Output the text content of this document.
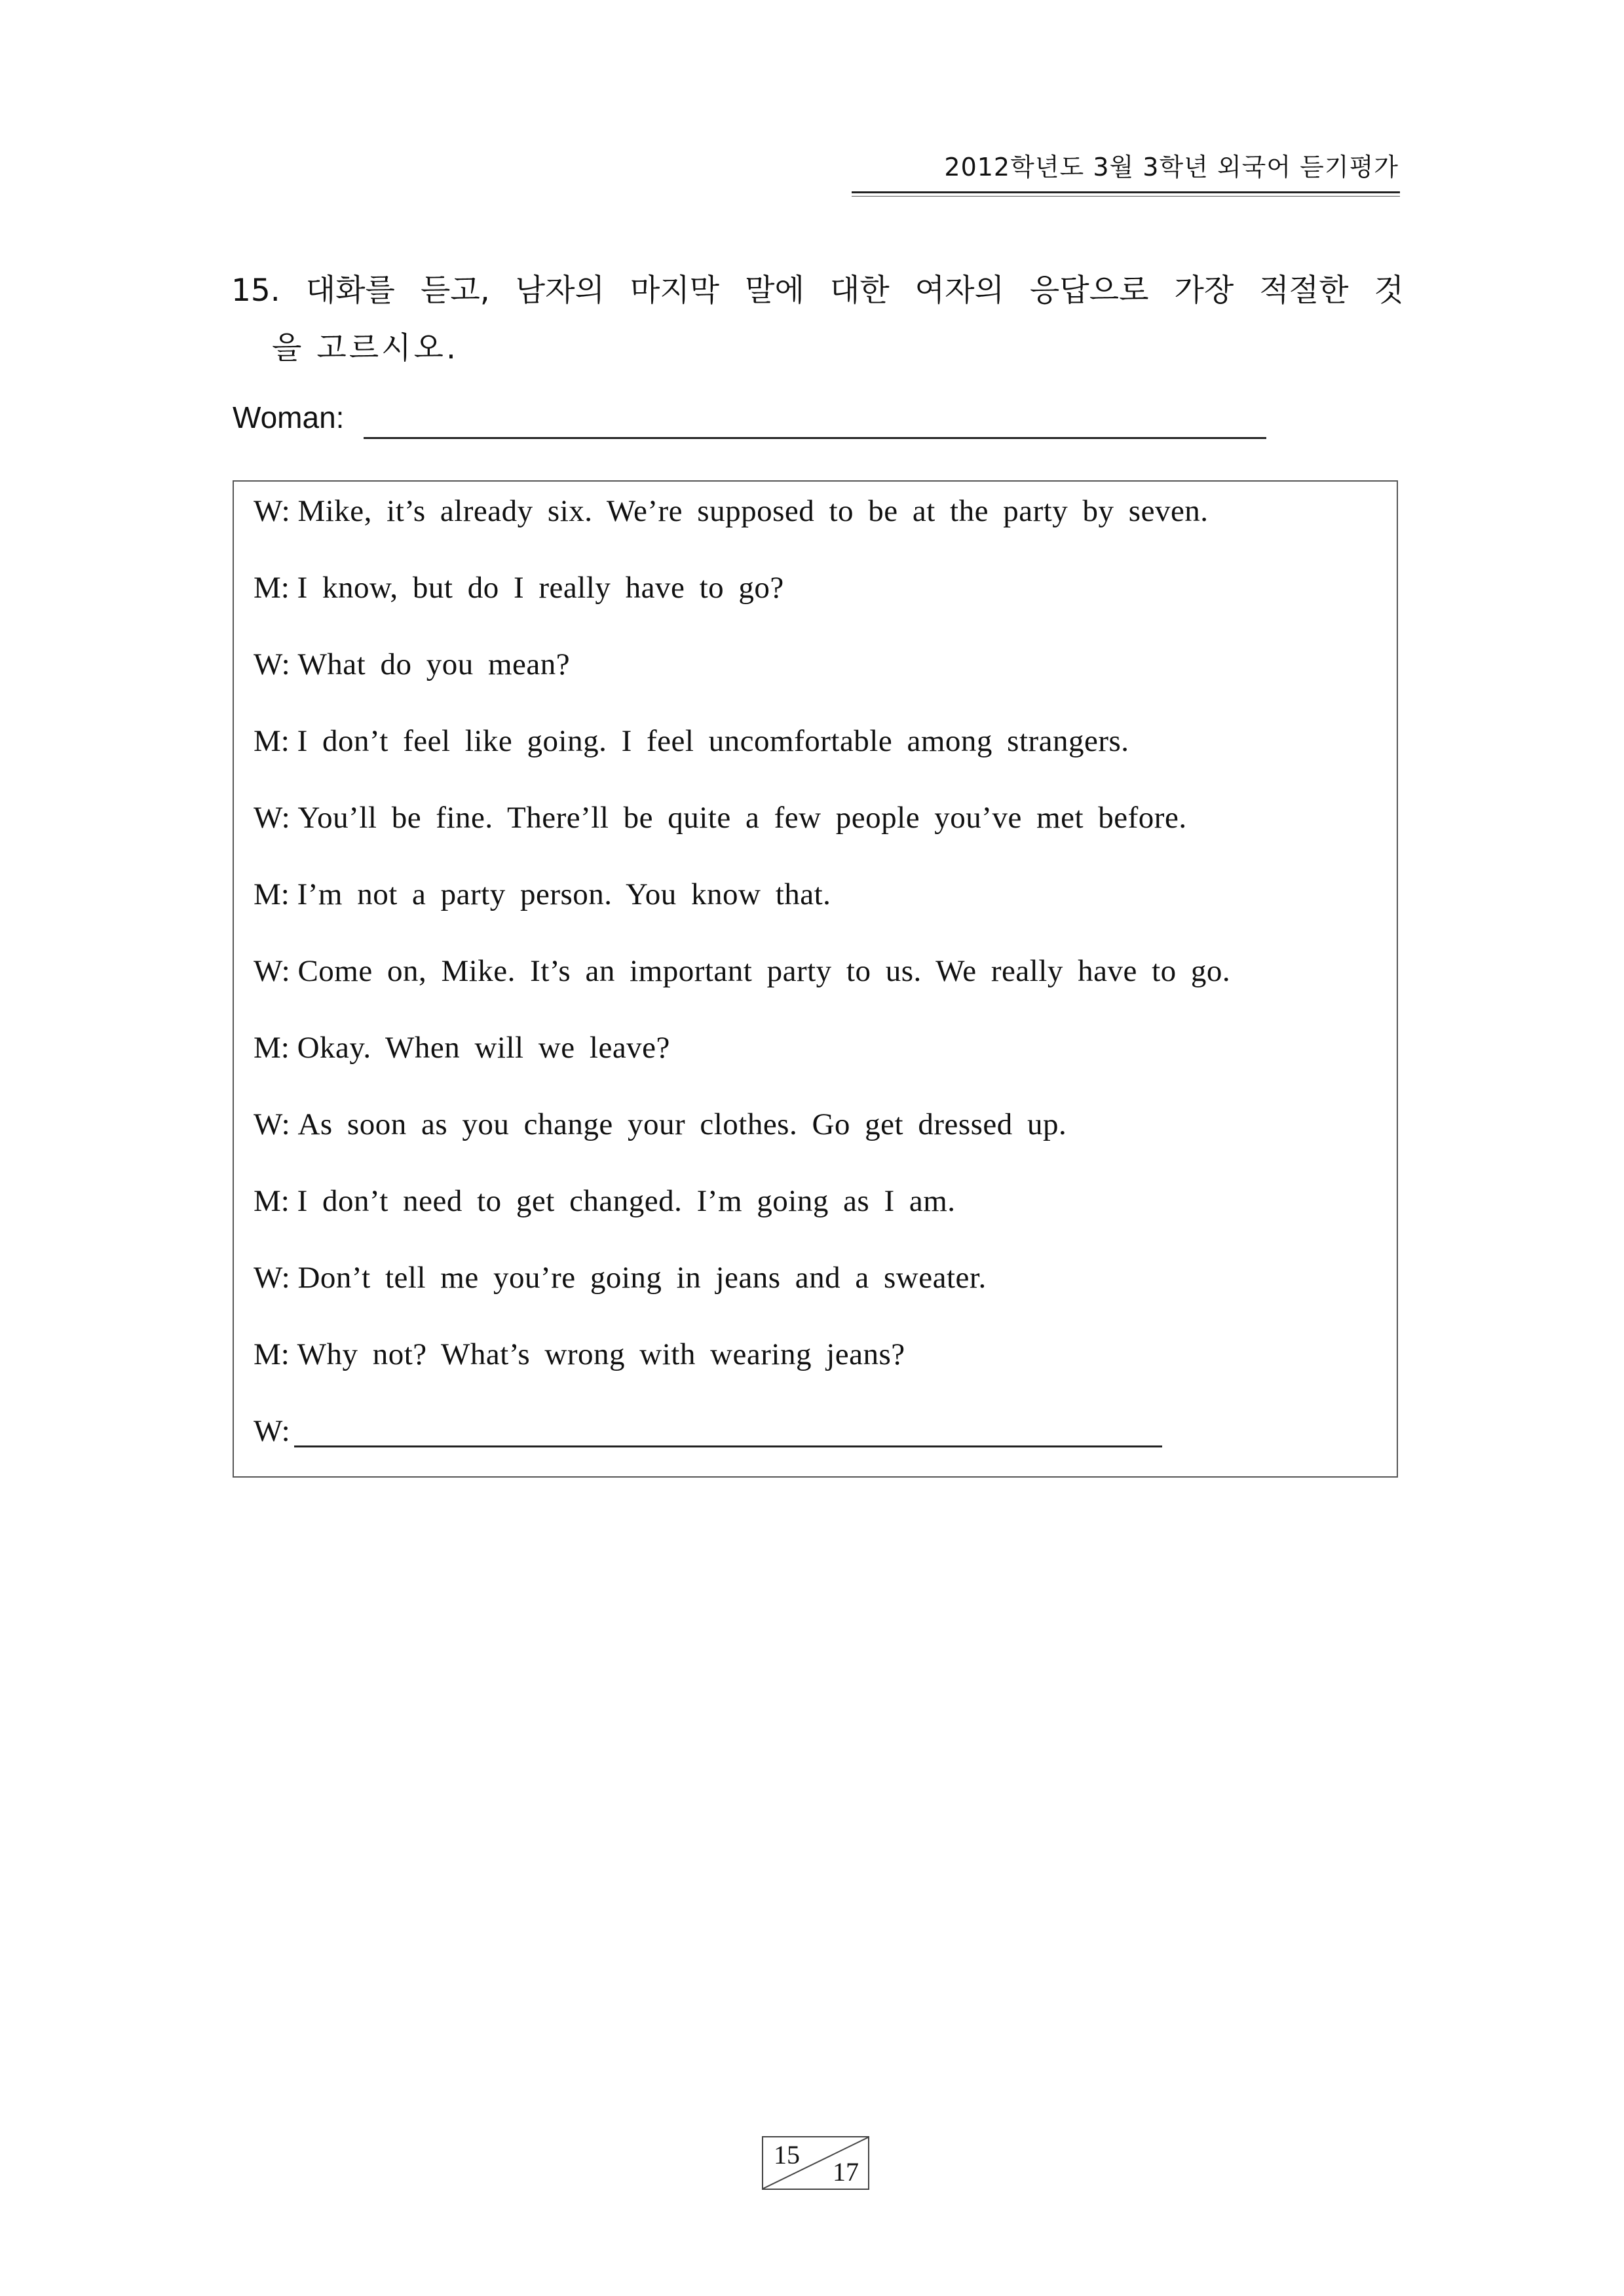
2012학년도 3월 3학년 외국어 듣기평가
15. 대화를 듣고, 남자의 마지막 말에 대한 여자의 응답으로 가장 적절한 것
을 고르시오.
Woman:
W: Mike, it’s already six. We’re supposed to be at the party by seven.
M: I know, but do I really have to go?
W: What do you mean?
M: I don’t feel like going. I feel uncomfortable among strangers.
W: You’ll be fine. There’ll be quite a few people you’ve met before.
M: I’m not a party person. You know that.
W: Come on, Mike. It’s an important party to us. We really have to go.
M: Okay. When will we leave?
W: As soon as you change your clothes. Go get dressed up.
M: I don’t need to get changed. I’m going as I am.
W: Don’t tell me you’re going in jeans and a sweater.
M: Why not? What’s wrong with wearing jeans?
W:
15
17
